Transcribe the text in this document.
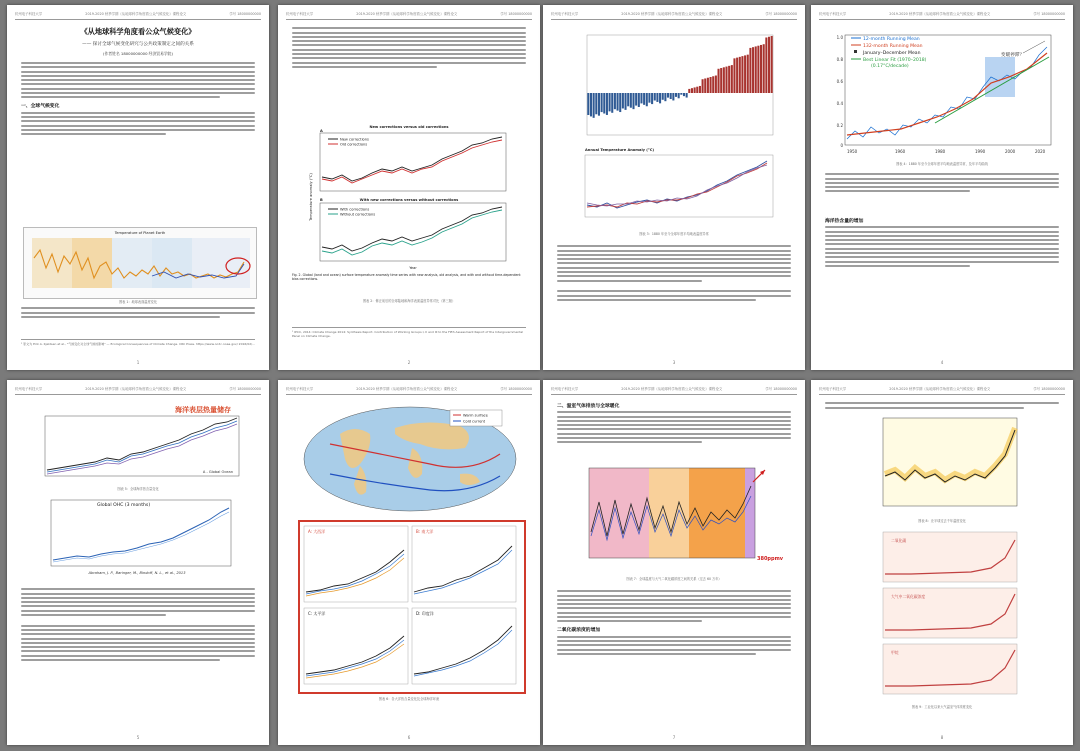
杭州电子科技大学	2019-2020 秋季学期《从地球科学角度看公众气候变化》课程论文	学号 18000000000
《从地球科学角度看公众气候变化》
—— 探讨全球气候变化研究与公共政策制定之间的关系
(作者姓名 18000000000 经济贸易学院)
一、全球气候变化
Temperature of Planet Earth
图表 1：地球表面温度变化
¹ 原文为 Erik A. Kjeldsen et al., "气候变化对全球气候的影响" — Ecological Consequences of Climate Change. CRC Press. https://www.ncdc.noaa.gov/ 2016/02/...
1
杭州电子科技大学	2019-2020 秋季学期《从地球科学角度看公众气候变化》课程论文	学号 18000000000
New corrections versus old corrections
A
New corrections
Old corrections
B	With new corrections versus without corrections
With corrections
Without corrections
Year
Temperature anomaly (°C)
Fig. 2. Global (land and ocean) surface temperature anomaly time series with new analysis, old analysis, and with and without time-dependent bias corrections.
图表 2：修正前后的全球陆地和海洋表面温度异常对比（第三版）
¹ IPCC, 2014: Climate Change 2014: Synthesis Report. Contribution of Working Groups I, II and III to the Fifth Assessment Report of the Intergovernmental Panel on Climate Change.
2
杭州电子科技大学	2019-2020 秋季学期《从地球科学角度看公众气候变化》课程论文	学号 18000000000
Annual Temperature Anomaly (°C)
图表 3：1880 年至今全球年度平均地表温度异常
3
杭州电子科技大学	2019-2020 秋季学期《从地球科学角度看公众气候变化》课程论文	学号 18000000000
1.0
0.8
0.6
0.4
0.2
0
1950	1960	1980	1990	2000	2020
12-month Running Mean
132-month Running Mean
January–December Mean
Best Linear Fit (1970–2018)
(0.17°C/decade)
变暖停滞？
图表 4：1880 年至今全球年度平均地表温度异常，及年平均曲线
海洋热含量的增加
4
杭州电子科技大学	2019-2020 秋季学期《从地球科学角度看公众气候变化》课程论文	学号 18000000000
海洋表层热量储存
A - Global Ocean
图表 5：全球海洋热含量变化
Global OHC (3 months)
Abraham, J. P., Baringer, M., Bindoff, N. L., et al., 2013
5
杭州电子科技大学	2019-2020 秋季学期《从地球科学角度看公众气候变化》课程论文	学号 18000000000
Warm surface
Cold current
A: 大西洋	B: 南大洋
C: 太平洋	D: 印度洋
图表 6：各大洋热含量变化及全球海洋环流
6
杭州电子科技大学	2019-2020 秋季学期《从地球科学角度看公众气候变化》课程论文	学号 18000000000
二、温室气体排放与全球暖化
380ppmv
图表 7：全球温度与大气二氧化碳浓度之间的关系（过去 60 万年）
二氧化碳浓度的增加
7
杭州电子科技大学	2019-2020 秋季学期《从地球科学角度看公众气候变化》课程论文	学号 18000000000
图表 8：北半球过去千年温度变化
二氧化碳
大气中二氧化碳浓度
甲烷
图表 9：工业化以来大气温室气体浓度变化
8
